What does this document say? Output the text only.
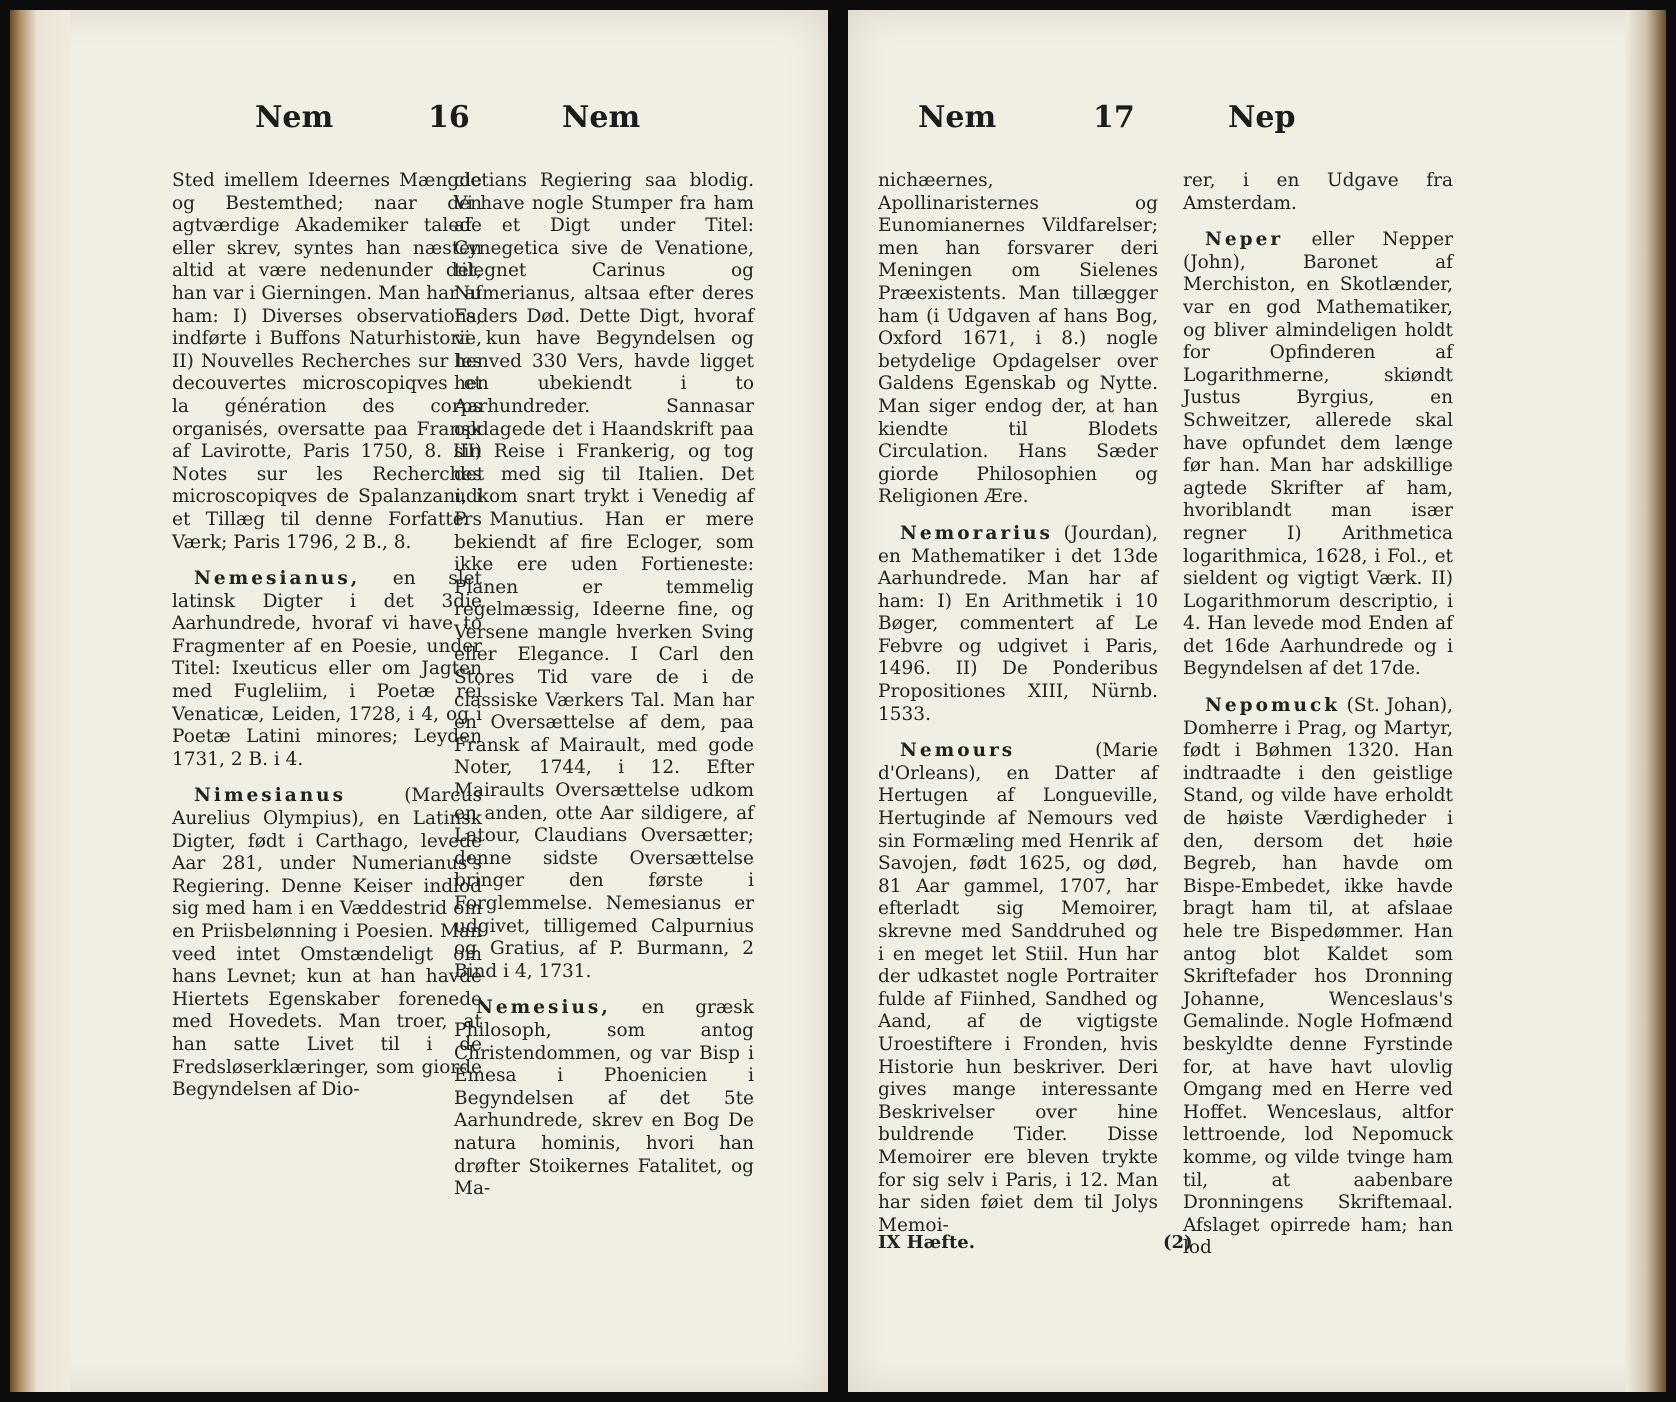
Nem	16	Nem

Sted imellem Ideernes Mængde og Bestemthed; naar den agtværdige Akademiker talede eller skrev, syntes han næsten altid at være nedenunder det, han var i Gierningen. Man har af ham: I) Diverses observations, indførte i Buffons Naturhistorie, II) Nouvelles Recherches sur les decouvertes microscopiqves et la génération des corps organisés, oversatte paa Fransk af Lavirotte, Paris 1750, 8. III) Notes sur les Recherches microscopiqves de Spalanzani, i et Tillæg til denne Forfatters Værk; Paris 1796, 2 B., 8.

Nemesianus, en slet latinsk Digter i det 3die Aarhundrede, hvoraf vi have to Fragmenter af en Poesie, under Titel: Ixeuticus eller om Jagten med Fugleliim, i Poetæ rei Venaticæ, Leiden, 1728, i 4, og i Poetæ Latini minores; Leyden 1731, 2 B. i 4.

Nimesianus (Marcus Aurelius Olympius), en Latinsk Digter, født i Carthago, levede Aar 281, under Numerianus's Regiering. Denne Keiser indlod sig med ham i en Væddestrid om en Priisbelønning i Poesien. Man veed intet Omstændeligt om hans Levnet; kun at han havde Hiertets Egenskaber forenede med Hovedets. Man troer, at han satte Livet til i de Fredsløserklæringer, som giorde Begyndelsen af Dio-

cletians Regiering saa blodig. Vi have nogle Stumper fra ham af et Digt under Titel: Cynegetica sive de Venatione, tilegnet Carinus og Numerianus, altsaa efter deres Faders Død. Dette Digt, hvoraf vi kun have Begyndelsen og henved 330 Vers, havde ligget hen ubekiendt i to Aarhundreder. Sannasar opdagede det i Haandskrift paa sin Reise i Frankerig, og tog det med sig til Italien. Det udkom snart trykt i Venedig af P. Manutius. Han er mere bekiendt af fire Ecloger, som ikke ere uden Fortieneste: Planen er temmelig regelmæssig, Ideerne fine, og Versene mangle hverken Sving eller Elegance. I Carl den Stores Tid vare de i de classiske Værkers Tal. Man har en Oversættelse af dem, paa Fransk af Mairault, med gode Noter, 1744, i 12. Efter Mairaults Oversættelse udkom en anden, otte Aar sildigere, af Latour, Claudians Oversætter; denne sidste Oversættelse bringer den første i Forglemmelse. Nemesianus er udgivet, tilligemed Calpurnius og Gratius, af P. Burmann, 2 Bind i 4, 1731.

Nemesius, en græsk Philosoph, som antog Christendommen, og var Bisp i Emesa i Phoenicien i Begyndelsen af det 5te Aarhundrede, skrev en Bog De natura hominis, hvori han drøfter Stoikernes Fatalitet, og Ma-

Nem	17	Nep

nichæernes, Apollinaristernes og Eunomianernes Vildfarelser; men han forsvarer deri Meningen om Sielenes Præexistents. Man tillægger ham (i Udgaven af hans Bog, Oxford 1671, i 8.) nogle betydelige Opdagelser over Galdens Egenskab og Nytte. Man siger endog der, at han kiendte til Blodets Circulation. Hans Sæder giorde Philosophien og Religionen Ære.

Nemorarius (Jourdan), en Mathematiker i det 13de Aarhundrede. Man har af ham: I) En Arithmetik i 10 Bøger, commentert af Le Febvre og udgivet i Paris, 1496. II) De Ponderibus Propositiones XIII, Nürnb. 1533.

Nemours (Marie d'Orleans), en Datter af Hertugen af Longueville, Hertuginde af Nemours ved sin Formæling med Henrik af Savojen, født 1625, og død, 81 Aar gammel, 1707, har efterladt sig Memoirer, skrevne med Sanddruhed og i en meget let Stiil. Hun har der udkastet nogle Portraiter fulde af Fiinhed, Sandhed og Aand, af de vigtigste Uroestiftere i Fronden, hvis Historie hun beskriver. Deri gives mange interessante Beskrivelser over hine buldrende Tider. Disse Memoirer ere bleven trykte for sig selv i Paris, i 12. Man har siden føiet dem til Jolys Memoi-

rer, i en Udgave fra Amsterdam.

Neper eller Nepper (John), Baronet af Merchiston, en Skotlænder, var en god Mathematiker, og bliver almindeligen holdt for Opfinderen af Logarithmerne, skiøndt Justus Byrgius, en Schweitzer, allerede skal have opfundet dem længe før han. Man har adskillige agtede Skrifter af ham, hvoriblandt man især regner I) Arithmetica logarithmica, 1628, i Fol., et sieldent og vigtigt Værk. II) Logarithmorum descriptio, i 4. Han levede mod Enden af det 16de Aarhundrede og i Begyndelsen af det 17de.

Nepomuck (St. Johan), Domherre i Prag, og Martyr, født i Bøhmen 1320. Han indtraadte i den geistlige Stand, og vilde have erholdt de høiste Værdigheder i den, dersom det høie Begreb, han havde om Bispe-Embedet, ikke havde bragt ham til, at afslaae hele tre Bispedømmer. Han antog blot Kaldet som Skriftefader hos Dronning Johanne, Wenceslaus's Gemalinde. Nogle Hofmænd beskyldte denne Fyrstinde for, at have havt ulovlig Omgang med en Herre ved Hoffet. Wenceslaus, altfor lettroende, lod Nepomuck komme, og vilde tvinge ham til, at aabenbare Dronningens Skriftemaal. Afslaget opirrede ham; han lod

IX Hæfte.	(2)
